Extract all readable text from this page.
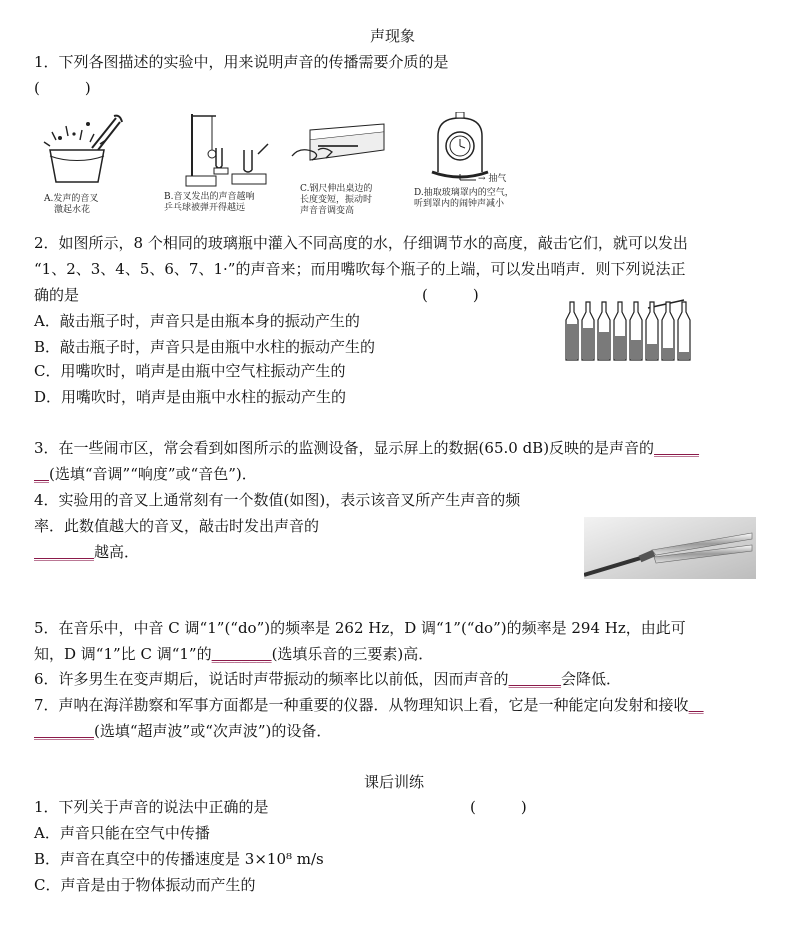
声现象
1．下列各图描述的实验中，用来说明声音的传播需要介质的是
(　　　)
A.发声的音叉
激起水花
B.音叉发出的声音越响
乒乓球被弹开得越远
C.钢尺伸出桌边的
长度变短，振动时
声音音调变高
→ 抽气
D.抽取玻璃罩内的空气，
听到罩内的闹钟声减小
2．如图所示，8 个相同的玻璃瓶中灌入不同高度的水，仔细调节水的高度，敲击它们，就可以发出
“1、2、3、4、5、6、7、1·”的声音来；而用嘴吹每个瓶子的上端，可以发出哨声．则下列说法正
确的是	(　　　)
A．敲击瓶子时，声音只是由瓶本身的振动产生的
B．敲击瓶子时，声音只是由瓶中水柱的振动产生的
C．用嘴吹时，哨声是由瓶中空气柱振动产生的
D．用嘴吹时，哨声是由瓶中水柱的振动产生的
3．在一些闹市区，常会看到如图所示的监测设备，显示屏上的数据(65.0 dB)反映的是声音的______
__(选填“音调”“响度”或“音色”)．
4．实验用的音叉上通常刻有一个数值(如图)，表示该音叉所产生声音的频
率．此数值越大的音叉，敲击时发出声音的
________越高．
5．在音乐中，中音 C 调“1”(“do”)的频率是 262 Hz，D 调“1”(“do”)的频率是 294 Hz，由此可
知，D 调“1”比 C 调“1”的________(选填乐音的三要素)高．
6．许多男生在变声期后，说话时声带振动的频率比以前低，因而声音的_______会降低．
7．声呐在海洋勘察和军事方面都是一种重要的仪器．从物理知识上看，它是一种能定向发射和接收__
________(选填“超声波”或“次声波”)的设备．
课后训练
1．下列关于声音的说法中正确的是	(　　　)
A．声音只能在空气中传播
B．声音在真空中的传播速度是 3×10⁸ m/s
C．声音是由于物体振动而产生的
